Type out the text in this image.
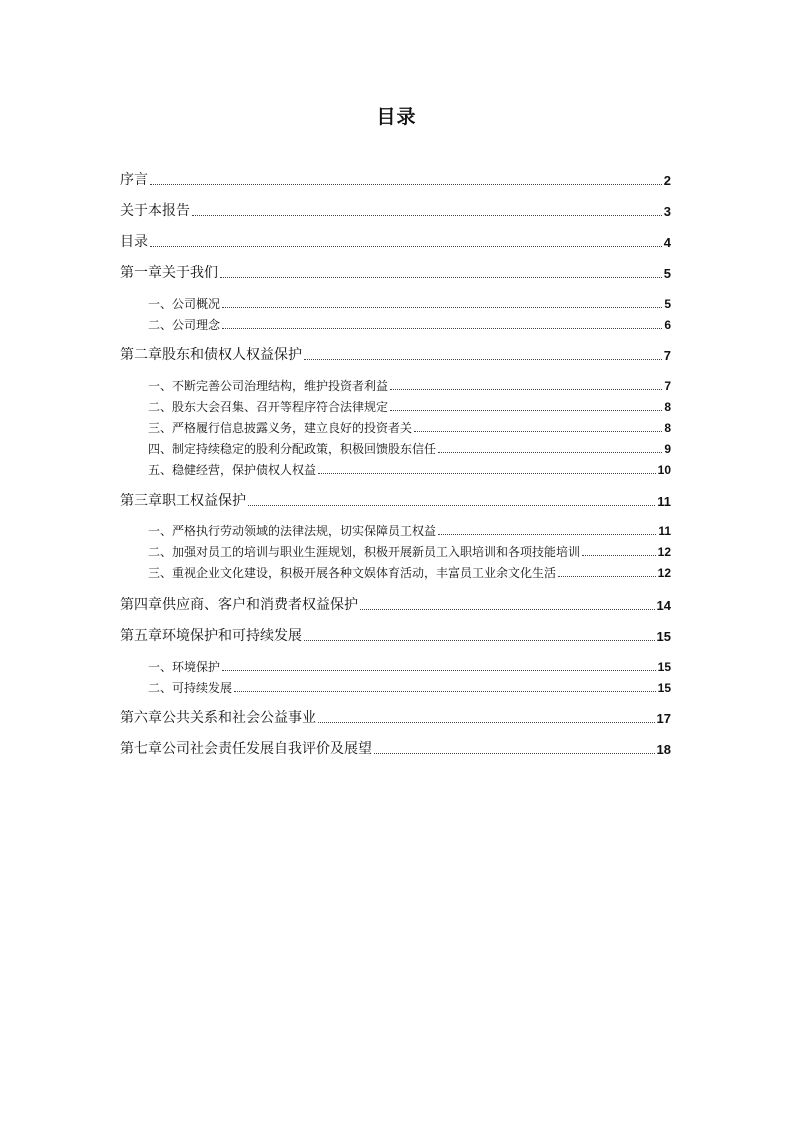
目录
序言	2
关于本报告	3
目录	4
第一章关于我们	5
一、公司概况	5
二、公司理念	6
第二章股东和债权人权益保护	7
一、不断完善公司治理结构，维护投资者利益	7
二、股东大会召集、召开等程序符合法律规定	8
三、严格履行信息披露义务，建立良好的投资者关	8
四、制定持续稳定的股利分配政策，积极回馈股东信任	9
五、稳健经营，保护债权人权益	10
第三章职工权益保护	11
一、严格执行劳动领域的法律法规，切实保障员工权益	11
二、加强对员工的培训与职业生涯规划，积极开展新员工入职培训和各项技能培训	12
三、重视企业文化建设，积极开展各种文娱体育活动，丰富员工业余文化生活	12
第四章供应商、客户和消费者权益保护	14
第五章环境保护和可持续发展	15
一、环境保护	15
二、可持续发展	15
第六章公共关系和社会公益事业	17
第七章公司社会责任发展自我评价及展望	18
